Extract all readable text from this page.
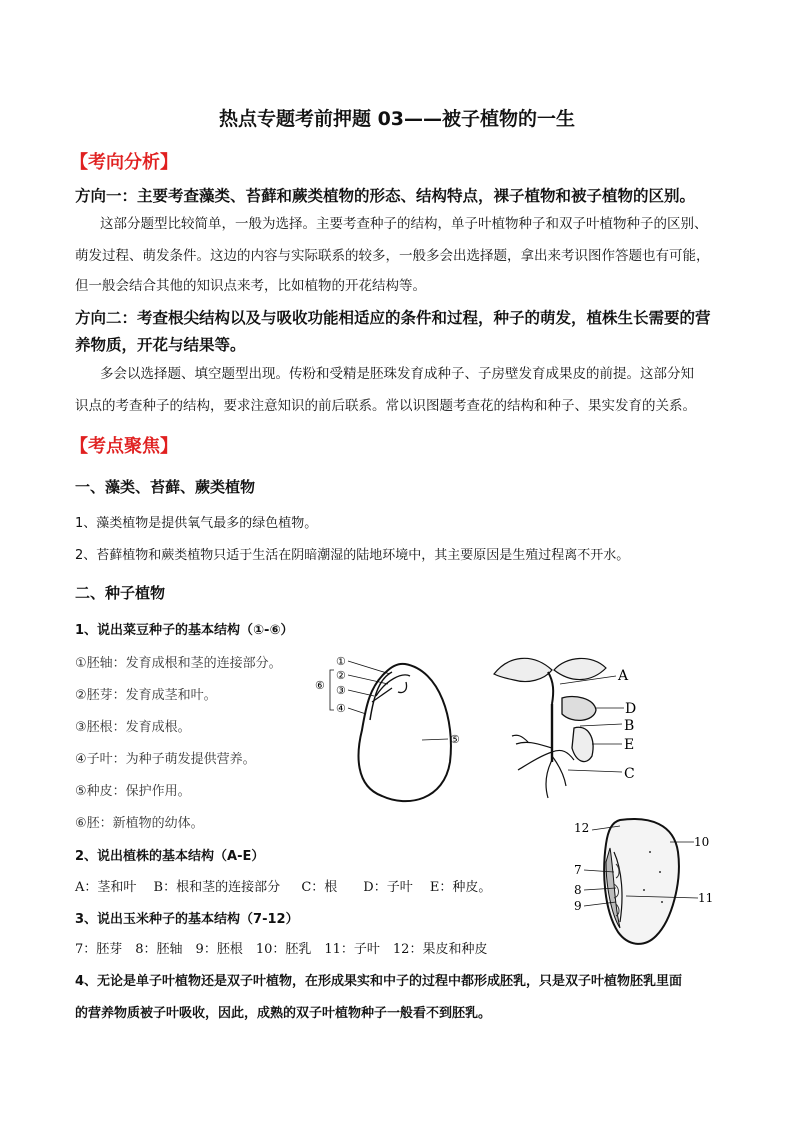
热点专题考前押题 03——被子植物的一生
【考向分析】
方向一：主要考查藻类、苔藓和蕨类植物的形态、结构特点，裸子植物和被子植物的区别。
这部分题型比较简单，一般为选择。主要考查种子的结构，单子叶植物种子和双子叶植物种子的区别、
萌发过程、萌发条件。这边的内容与实际联系的较多，一般多会出选择题，拿出来考识图作答题也有可能，
但一般会结合其他的知识点来考，比如植物的开花结构等。
方向二：考查根尖结构以及与吸收功能相适应的条件和过程，种子的萌发，植株生长需要的营
养物质，开花与结果等。
多会以选择题、填空题型出现。传粉和受精是胚珠发育成种子、子房壁发育成果皮的前提。这部分知
识点的考查种子的结构，要求注意知识的前后联系。常以识图题考查花的结构和种子、果实发育的关系。
【考点聚焦】
一、藻类、苔藓、蕨类植物
1、藻类植物是提供氧气最多的绿色植物。
2、苔藓植物和蕨类植物只适于生活在阴暗潮湿的陆地环境中，其主要原因是生殖过程离不开水。
二、种子植物
1、说出菜豆种子的基本结构（①-⑥）
①胚轴：发育成根和茎的连接部分。
②胚芽：发育成茎和叶。
③胚根：发育成根。
④子叶：为种子萌发提供营养。
⑤种皮：保护作用。
⑥胚：新植物的幼体。
2、说出植株的基本结构（A-E）
A：茎和叶　 B：根和茎的连接部分 　 C：根　　D：子叶　 E：种皮。
3、说出玉米种子的基本结构（7-12）
7：胚芽　8：胚轴　9：胚根　10：胚乳　11：子叶　12：果皮和种皮
4、无论是单子叶植物还是双子叶植物，在形成果实和中子的过程中都形成胚乳，只是双子叶植物胚乳里面
的营养物质被子叶吸收，因此，成熟的双子叶植物种子一般看不到胚乳。
①
②
③
⑥
④
⑤
A
D
B
E
C
12
10
7
8
9
11
